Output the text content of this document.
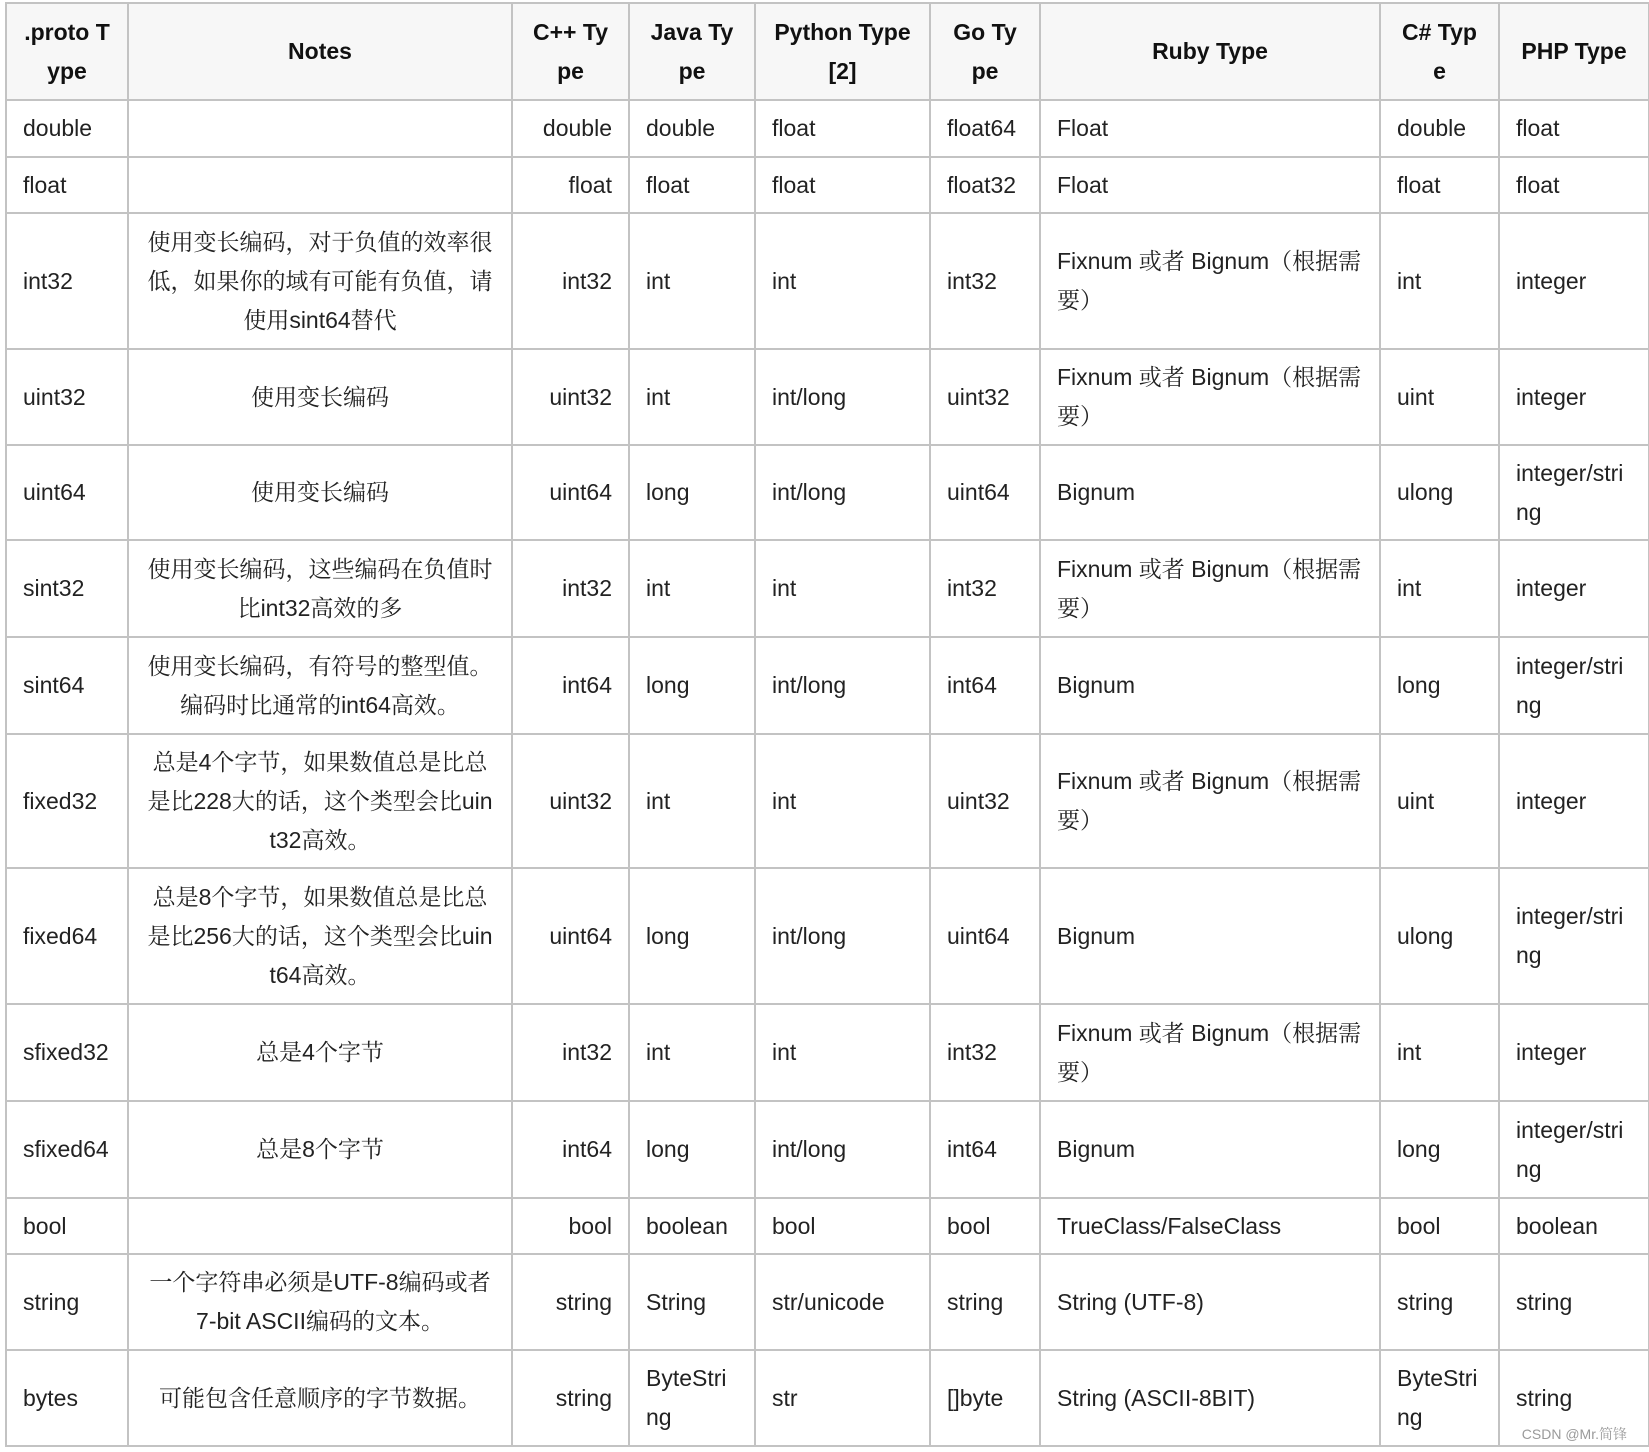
.proto Type	Notes	C++ Type	Java Type	Python Type[2]	Go Type	Ruby Type	C# Type	PHP Type
double		double	double	float	float64	Float	double	float
float		float	float	float	float32	Float	float	float
int32	使用变长编码，对于负值的效率很低，如果你的域有可能有负值，请使用sint64替代	int32	int	int	int32	Fixnum 或者 Bignum（根据需要）	int	integer
uint32	使用变长编码	uint32	int	int/long	uint32	Fixnum 或者 Bignum（根据需要）	uint	integer
uint64	使用变长编码	uint64	long	int/long	uint64	Bignum	ulong	integer/string
sint32	使用变长编码，这些编码在负值时比int32高效的多	int32	int	int	int32	Fixnum 或者 Bignum（根据需要）	int	integer
sint64	使用变长编码，有符号的整型值。编码时比通常的int64高效。	int64	long	int/long	int64	Bignum	long	integer/string
fixed32	总是4个字节，如果数值总是比总是比228大的话，这个类型会比uint32高效。	uint32	int	int	uint32	Fixnum 或者 Bignum（根据需要）	uint	integer
fixed64	总是8个字节，如果数值总是比总是比256大的话，这个类型会比uint64高效。	uint64	long	int/long	uint64	Bignum	ulong	integer/string
sfixed32	总是4个字节	int32	int	int	int32	Fixnum 或者 Bignum（根据需要）	int	integer
sfixed64	总是8个字节	int64	long	int/long	int64	Bignum	long	integer/string
bool		bool	boolean	bool	bool	TrueClass/FalseClass	bool	boolean
string	一个字符串必须是UTF-8编码或者7-bit ASCII编码的文本。	string	String	str/unicode	string	String (UTF-8)	string	string
bytes	可能包含任意顺序的字节数据。	string	ByteString	str	[]byte	String (ASCII-8BIT)	ByteString	string
CSDN @Mr.简锋
